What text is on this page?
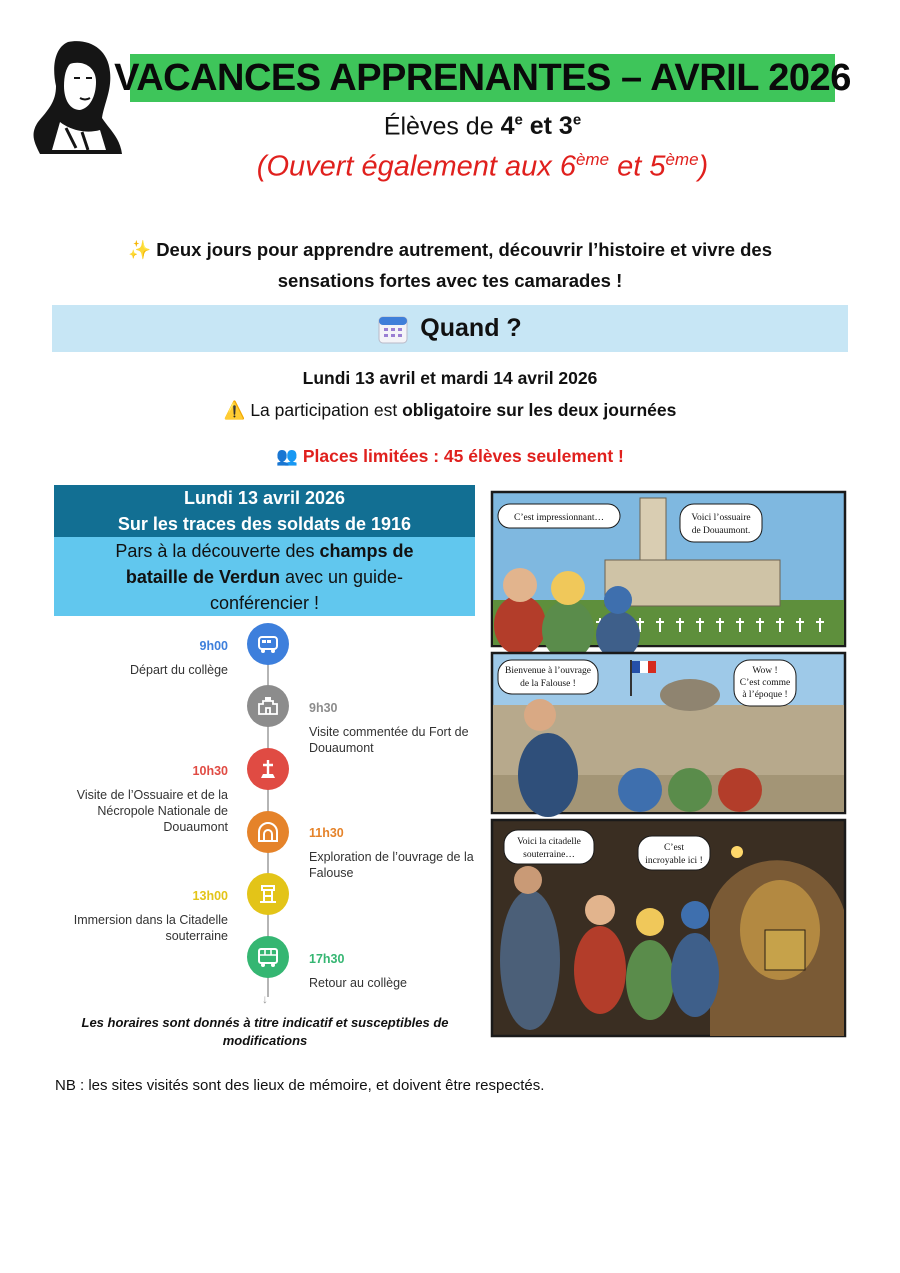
VACANCES APPRENANTES – AVRIL 2026
Élèves de 4e et 3e
(Ouvert également aux 6ème et 5ème)
✨ Deux jours pour apprendre autrement, découvrir l’histoire et vivre des
sensations fortes avec tes camarades !
Quand ?
Lundi 13 avril et mardi 14 avril 2026
⚠️ La participation est obligatoire sur les deux journées
👥 Places limitées : 45 élèves seulement !
Lundi 13 avril 2026
Sur les traces des soldats de 1916
Pars à la découverte des champs de
bataille de Verdun avec un guide-
conférencier !
↓
9h00
Départ du collège
9h30
Visite commentée du Fort de Douaumont
10h30
Visite de l’Ossuaire et de la Nécropole Nationale de Douaumont	11h30
Exploration de l’ouvrage de la Falouse
13h00
Immersion dans la Citadelle souterraine
17h30
Retour au collège
Les horaires sont donnés à titre indicatif et susceptibles de modifications
C’est impressionnant…	Voici l’ossuaire
de Douaumont.
Bienvenue à l’ouvrage
de la Falouse !
Wow !
C’est comme
à l’époque !
Voici la citadelle
souterraine…
C’est
incroyable ici !
NB : les sites visités sont des lieux de mémoire, et doivent être respectés.
